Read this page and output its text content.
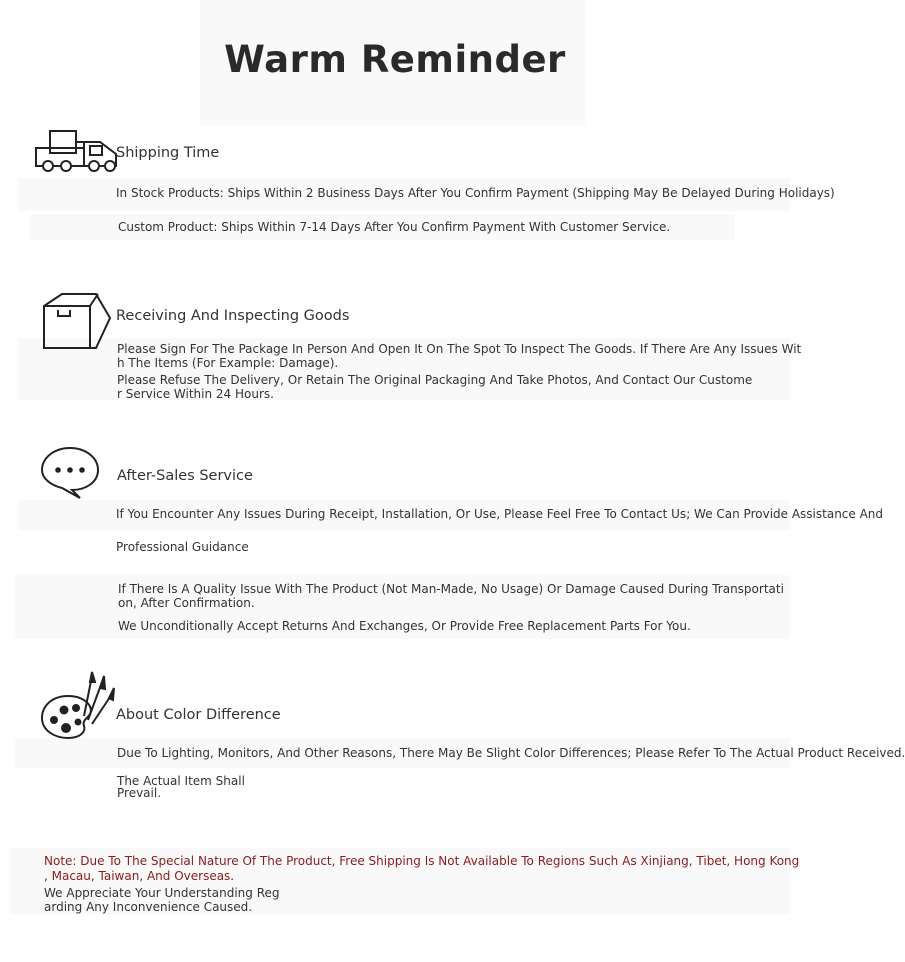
Warm Reminder
Shipping Time
In Stock Products: Ships Within 2 Business Days After You Confirm Payment (Shipping May Be Delayed During Holidays)
Custom Product: Ships Within 7-14 Days After You Confirm Payment With Customer Service.
Receiving And Inspecting Goods
Please Sign For The Package In Person And Open It On The Spot To Inspect The Goods. If There Are Any Issues Wit
h The Items (For Example: Damage).
Please Refuse The Delivery, Or Retain The Original Packaging And Take Photos, And Contact Our Custome
r Service Within 24 Hours.
After-Sales Service
If You Encounter Any Issues During Receipt, Installation, Or Use, Please Feel Free To Contact Us; We Can Provide Assistance And
Professional Guidance
If There Is A Quality Issue With The Product (Not Man-Made, No Usage) Or Damage Caused During Transportati
on, After Confirmation.
We Unconditionally Accept Returns And Exchanges, Or Provide Free Replacement Parts For You.
About Color Difference
Due To Lighting, Monitors, And Other Reasons, There May Be Slight Color Differences; Please Refer To The Actual Product Received.
The Actual Item Shall
Prevail.
Note: Due To The Special Nature Of The Product, Free Shipping Is Not Available To Regions Such As Xinjiang, Tibet, Hong Kong
, Macau, Taiwan, And Overseas.
We Appreciate Your Understanding Reg
arding Any Inconvenience Caused.
